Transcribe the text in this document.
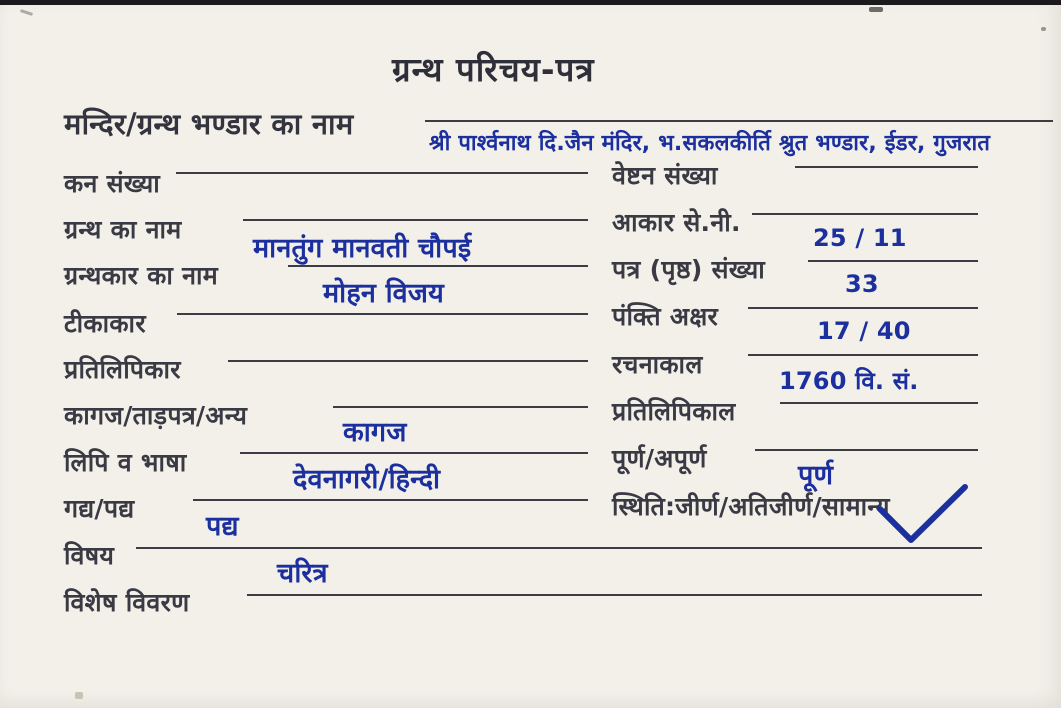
ग्रन्थ परिचय-पत्र
मन्दिर/ग्रन्थ भण्डार का नाम
श्री पार्श्वनाथ दि.जैन मंदिर, भ.सकलकीर्ति श्रुत भण्डार, ईडर, गुजरात
कन संख्या
ग्रन्थ का नाम
मानतुंग मानवती चौपई
ग्रन्थकार का नाम
मोहन विजय
टीकाकार
प्रतिलिपिकार
कागज/ताड़पत्र/अन्य
कागज
लिपि व भाषा
देवनागरी/हिन्दी
गद्य/पद्य
पद्य
विषय
चरित्र
विशेष विवरण
वेष्टन संख्या
आकार से.नी.
25 / 11
पत्र (पृष्ठ) संख्या	33
पंक्ति अक्षर	17 / 40
रचनाकाल
1760 वि. सं.
प्रतिलिपिकाल
पूर्ण/अपूर्ण
पूर्ण
स्थिति:जीर्ण/अतिजीर्ण/सामान्य
